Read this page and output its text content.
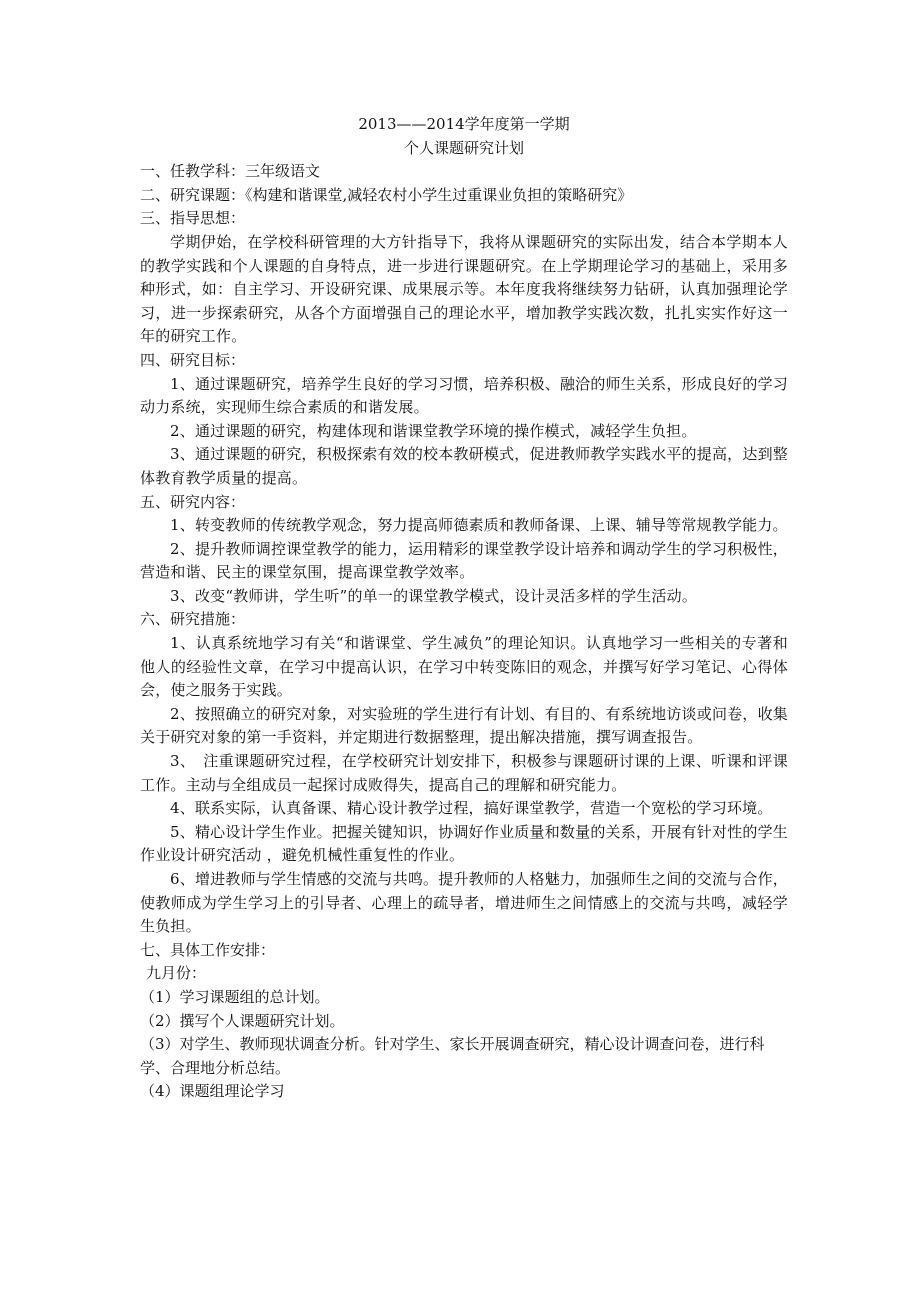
2013——2014学年度第一学期

个人课题研究计划

一、任教学科：三年级语文

二、研究课题：《构建和谐课堂,减轻农村小学生过重课业负担的策略研究》

三、指导思想：

学期伊始，在学校科研管理的大方针指导下，我将从课题研究的实际出发，结合本学期本人的教学实践和个人课题的自身特点，进一步进行课题研究。在上学期理论学习的基础上，采用多种形式，如：自主学习、开设研究课、成果展示等。本年度我将继续努力钻研，认真加强理论学习，进一步探索研究，从各个方面增强自己的理论水平，增加教学实践次数，扎扎实实作好这一年的研究工作。

四、研究目标：

1、通过课题研究，培养学生良好的学习习惯，培养积极、融洽的师生关系，形成良好的学习动力系统，实现师生综合素质的和谐发展。

2、通过课题的研究，构建体现和谐课堂教学环境的操作模式，减轻学生负担。

3、通过课题的研究，积极探索有效的校本教研模式，促进教师教学实践水平的提高，达到整体教育教学质量的提高。

五、研究内容：

1、转变教师的传统教学观念，努力提高师德素质和教师备课、上课、辅导等常规教学能力。

2、提升教师调控课堂教学的能力，运用精彩的课堂教学设计培养和调动学生的学习积极性，营造和谐、民主的课堂氛围，提高课堂教学效率。

3、改变“教师讲，学生听”的单一的课堂教学模式，设计灵活多样的学生活动。

六、研究措施：

1、认真系统地学习有关“和谐课堂、学生减负”的理论知识。认真地学习一些相关的专著和他人的经验性文章，在学习中提高认识，在学习中转变陈旧的观念，并撰写好学习笔记、心得体会，使之服务于实践。

2、按照确立的研究对象，对实验班的学生进行有计划、有目的、有系统地访谈或问卷，收集关于研究对象的第一手资料，并定期进行数据整理，提出解决措施，撰写调查报告。

3、　注重课题研究过程，在学校研究计划安排下，积极参与课题研讨课的上课、听课和评课工作。主动与全组成员一起探讨成败得失，提高自己的理解和研究能力。

4、联系实际，认真备课、精心设计教学过程，搞好课堂教学，营造一个宽松的学习环境。

5、精心设计学生作业。把握关键知识，协调好作业质量和数量的关系，开展有针对性的学生作业设计研究活动 ，避免机械性重复性的作业。

6、增进教师与学生情感的交流与共鸣。提升教师的人格魅力，加强师生之间的交流与合作，使教师成为学生学习上的引导者、心理上的疏导者，增进师生之间情感上的交流与共鸣，减轻学生负担。

七、具体工作安排：

九月份：

（1）学习课题组的总计划。

（2）撰写个人课题研究计划。

（3）对学生、教师现状调查分析。针对学生、家长开展调查研究，精心设计调查问卷，进行科学、合理地分析总结。

（4）课题组理论学习
